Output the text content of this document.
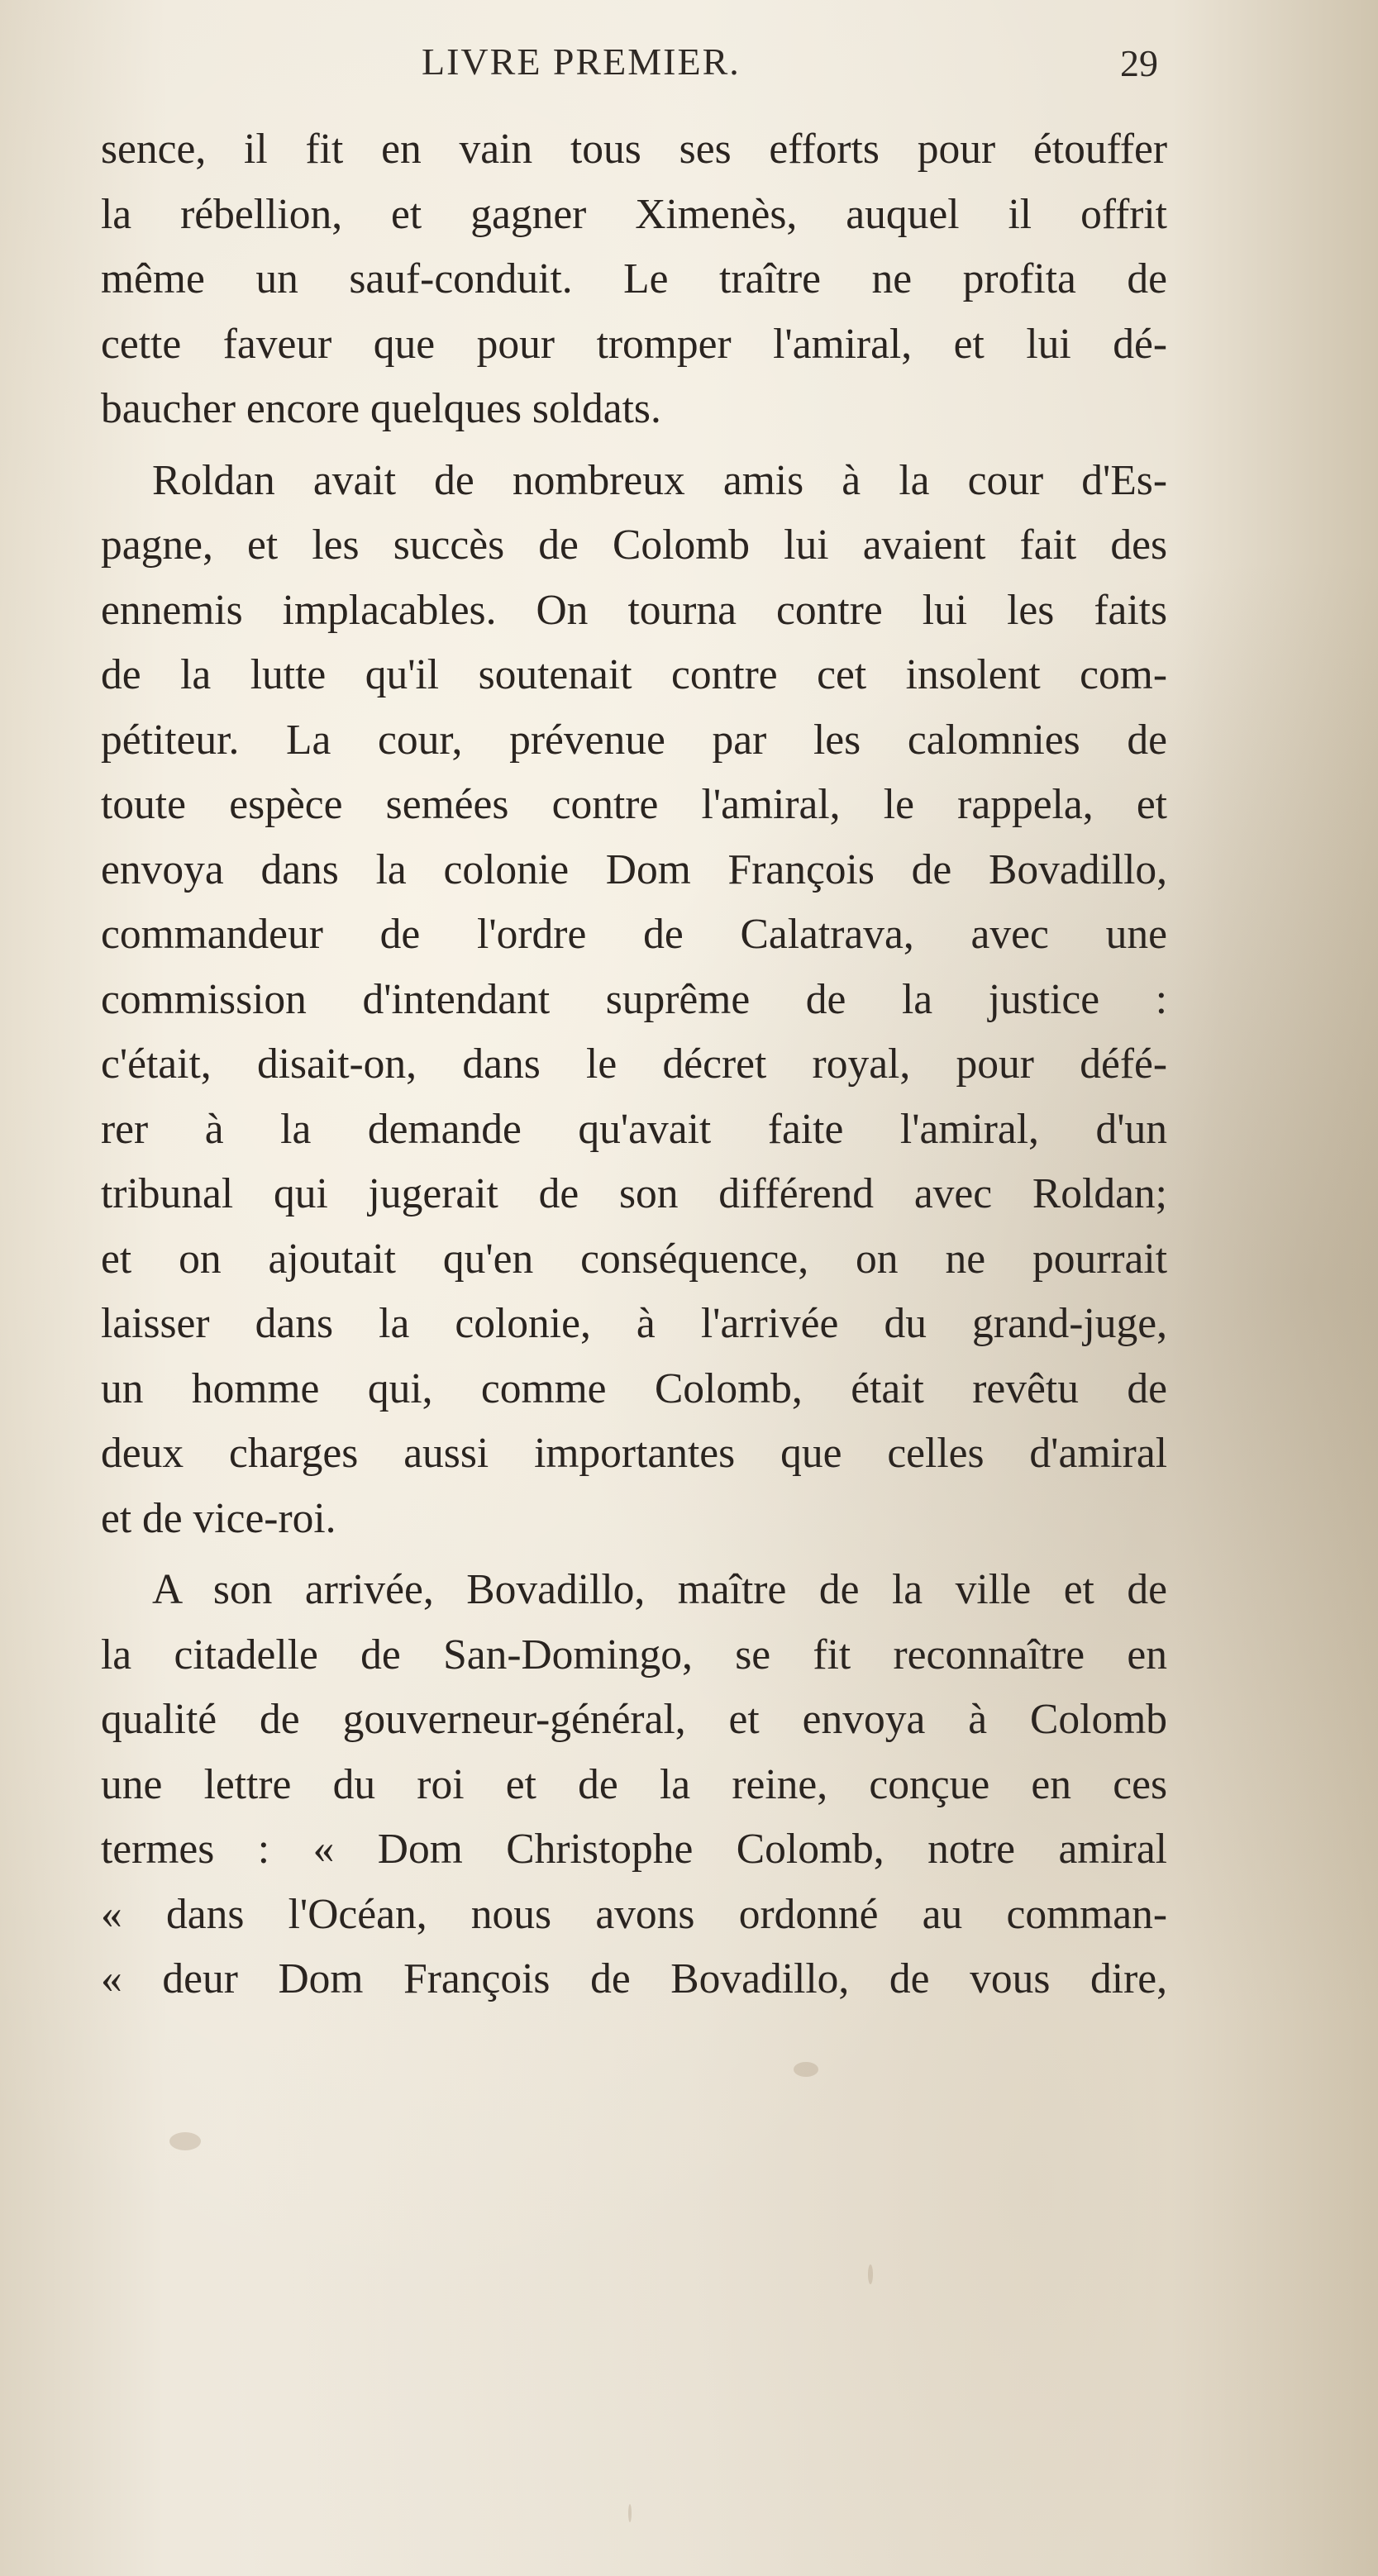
LIVRE PREMIER.	29
sence, il fit en vain tous ses efforts pour étouffer
la rébellion, et gagner Ximenès, auquel il offrit
même un sauf-conduit. Le traître ne profita de
cette faveur que pour tromper l'amiral, et lui dé-
baucher encore quelques soldats.
Roldan avait de nombreux amis à la cour d'Es-
pagne, et les succès de Colomb lui avaient fait des
ennemis implacables. On tourna contre lui les faits
de la lutte qu'il soutenait contre cet insolent com-
pétiteur. La cour, prévenue par les calomnies de
toute espèce semées contre l'amiral, le rappela, et
envoya dans la colonie Dom François de Bovadillo,
commandeur de l'ordre de Calatrava, avec une
commission d'intendant suprême de la justice :
c'était, disait-on, dans le décret royal, pour défé-
rer à la demande qu'avait faite l'amiral, d'un
tribunal qui jugerait de son différend avec Roldan;
et on ajoutait qu'en conséquence, on ne pourrait
laisser dans la colonie, à l'arrivée du grand-juge,
un homme qui, comme Colomb, était revêtu de
deux charges aussi importantes que celles d'amiral
et de vice-roi.
A son arrivée, Bovadillo, maître de la ville et de
la citadelle de San-Domingo, se fit reconnaître en
qualité de gouverneur-général, et envoya à Colomb
une lettre du roi et de la reine, conçue en ces
termes : « Dom Christophe Colomb, notre amiral
« dans l'Océan, nous avons ordonné au comman-
« deur Dom François de Bovadillo, de vous dire,
